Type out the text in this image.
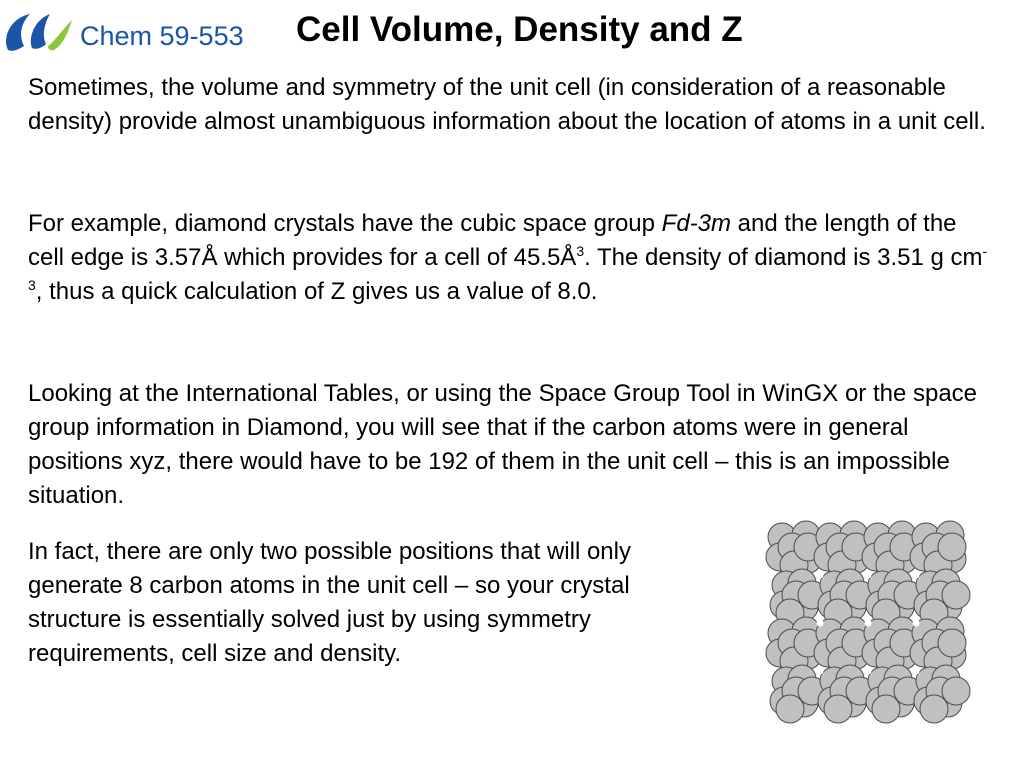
Chem 59-553 Cell Volume, Density and Z

Sometimes, the volume and symmetry of the unit cell (in consideration of a reasonable density) provide almost unambiguous information about the location of atoms in a unit cell.

For example, diamond crystals have the cubic space group Fd-3m and the length of the cell edge is 3.57Å which provides for a cell of $45.5Å^3$. The density of diamond is 3.51 g $cm^{-3}$, thus a quick calculation of Z gives us a value of 8.0.

Looking at the International Tables, or using the Space Group Tool in WinGX or the space group information in Diamond, you will see that if the carbon atoms were in general positions xyz, there would have to be 192 of them in the unit cell – this is an impossible situation.

In fact, there are only two possible positions that will only generate 8 carbon atoms in the unit cell – so your crystal structure is essentially solved just by using symmetry requirements, cell size and density.
